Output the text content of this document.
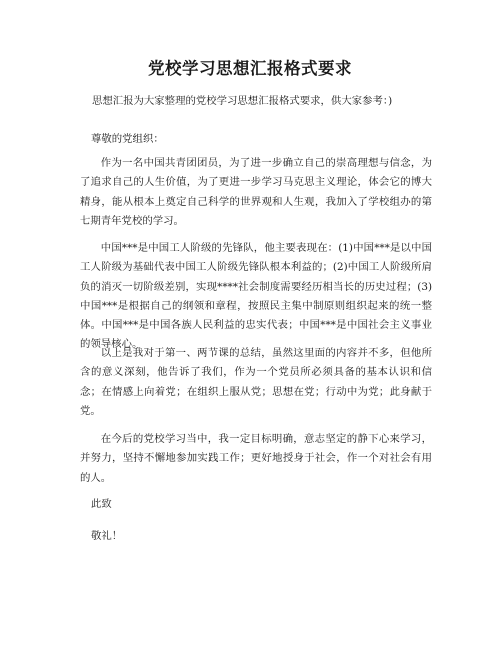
党校学习思想汇报格式要求

思想汇报为大家整理的党校学习思想汇报格式要求，供大家参考：)

尊敬的党组织：

作为一名中国共青团团员，为了进一步确立自己的崇高理想与信念，为了追求自己的人生价值，为了更进一步学习马克思主义理论，体会它的博大精身，能从根本上奠定自己科学的世界观和人生观，我加入了学校组办的第七期青年党校的学习。

中国***是中国工人阶级的先锋队，他主要表现在：(1)中国***是以中国工人阶级为基础代表中国工人阶级先锋队根本利益的；(2)中国工人阶级所肩负的消灭一切阶级差别，实现****社会制度需要经历相当长的历史过程；(3)中国***是根据自己的纲领和章程，按照民主集中制原则组织起来的统一整体。中国***是中国各族人民利益的忠实代表；中国***是中国社会主义事业的领导核心。

以上是我对于第一、两节课的总结，虽然这里面的内容并不多，但他所含的意义深刻，他告诉了我们，作为一个党员所必须具备的基本认识和信念；在情感上向着党；在组织上服从党；思想在党；行动中为党；此身献于党。

在今后的党校学习当中，我一定目标明确，意志坚定的静下心来学习，并努力，坚持不懈地参加实践工作；更好地授身于社会，作一个对社会有用的人。

此致

敬礼！
